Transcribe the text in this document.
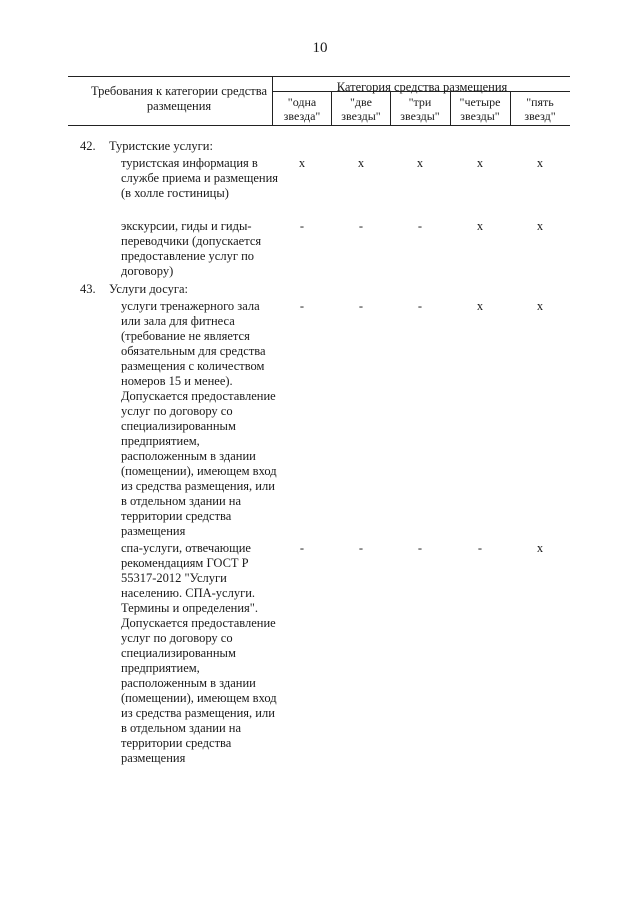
10
Требования к категории средства размещения
Категория средства размещения
"одна звезда"
"две звезды"
"три звезды"
"четыре звезды"
"пять звезд"
42. Туристские услуги:
туристская информация в службе приема и размещения (в холле гостиницы)
x	x	x	x	x
экскурсии, гиды и гиды-переводчики (допускается предоставление услуг по договору)
-	-	-	x	x
43. Услуги досуга:
услуги тренажерного зала или зала для фитнеса (требование не является обязательным для средства размещения с количеством номеров 15 и менее). Допускается предоставление услуг по договору со специализированным предприятием, расположенным в здании (помещении), имеющем вход из средства размещения, или в отдельном здании на территории средства размещения
-	-	-	x	x
спа-услуги, отвечающие рекомендациям ГОСТ Р 55317-2012 "Услуги населению. СПА-услуги. Термины и определения". Допускается предоставление услуг по договору со специализированным предприятием, расположенным в здании (помещении), имеющем вход из средства размещения, или в отдельном здании на территории средства размещения
-	-	-	-	x
